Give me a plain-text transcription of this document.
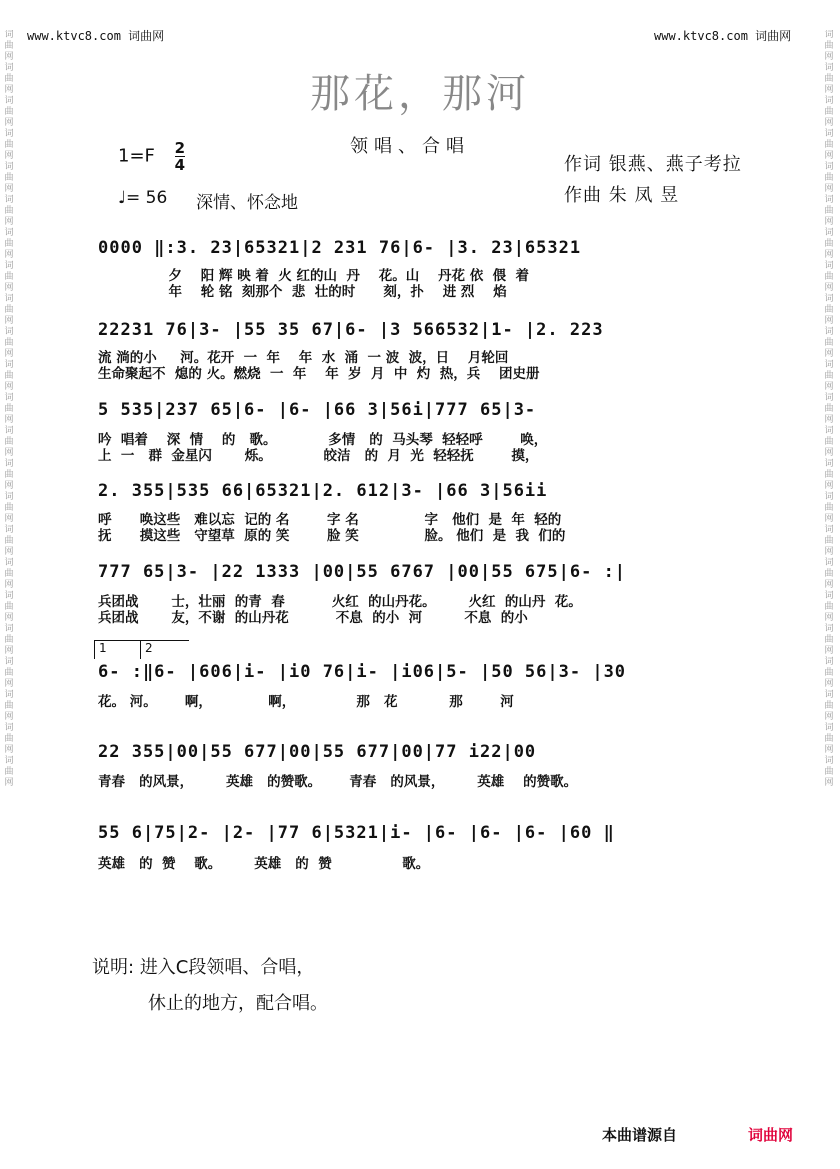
www.ktvc8.com 词曲网	www.ktvc8.com 词曲网
词曲网词曲网词曲网词曲网词曲网词曲网词曲网词曲网词曲网词曲网词曲网词曲网词曲网词曲网词曲网词曲网词曲网词曲网词曲网词曲网词曲网词曲网词曲网
词曲网词曲网词曲网词曲网词曲网词曲网词曲网词曲网词曲网词曲网词曲网词曲网词曲网词曲网词曲网词曲网词曲网词曲网词曲网词曲网词曲网词曲网词曲网
那花，那河
$1=F \frac{2}{4}$	领唱、合唱
♩= 56 深情、怀念地
作词 银燕、燕子考拉
作曲 朱 凤 昱
0000 ‖:3. 23|65321|2 231 76|6- |3. 23|65321
夕    阳 辉 映 着  火 红的山  丹    花。山    丹花 依  偎  着
年    轮 铭  刻那个  悲  壮的时      刻，扑    进 烈    焰
22231 76|3- |55 35 67|6- |3 566532|1- |2. 223
流 淌的小     河。花开  一  年    年  水  涌  一 波  波，日    月轮回
生命聚起不  熄的 火。燃烧  一  年    年  岁  月  中  灼  热，兵    团史册
5 535|237 65|6- |6- |66 3|56i|777 65|3-
吟  唱着    深  情    的   歌。           多情   的  马头琴  轻轻呼        唤，
上  一   群  金星闪       烁。           皎洁   的  月  光  轻轻抚        摸，
2. 355|535 66|65321|2. 612|3- |66 3|56ii
呼      唤这些   难以忘  记的 名        字 名              字   他们  是  年  轻的
抚      摸这些   守望草  原的 笑        脸 笑              脸。 他们  是  我  们的
777 65|3- |22 1333 |00|55 6767 |00|55 675|6- :|
兵团战       士，壮丽  的青  春          火红  的山丹花。       火红  的山丹  花。
兵团战       友，不谢  的山丹花          不息  的小  河         不息  的小
1	2
6- :‖6- |606|i- |i0 76|i- |i06|5- |50 56|3- |30
花。 河。      啊，            啊，             那   花           那        河
22 355|00|55 677|00|55 677|00|77 i22|00
青春   的风景，       英雄   的赞歌。      青春   的风景，       英雄    的赞歌。
55 6|75|2- |2- |77 6|5321|i- |6- |6- |6- |60 ‖
英雄   的  赞    歌。       英雄   的  赞               歌。
说明: 进入C段领唱、合唱，
休止的地方，配合唱。
本曲谱源自	词曲网
